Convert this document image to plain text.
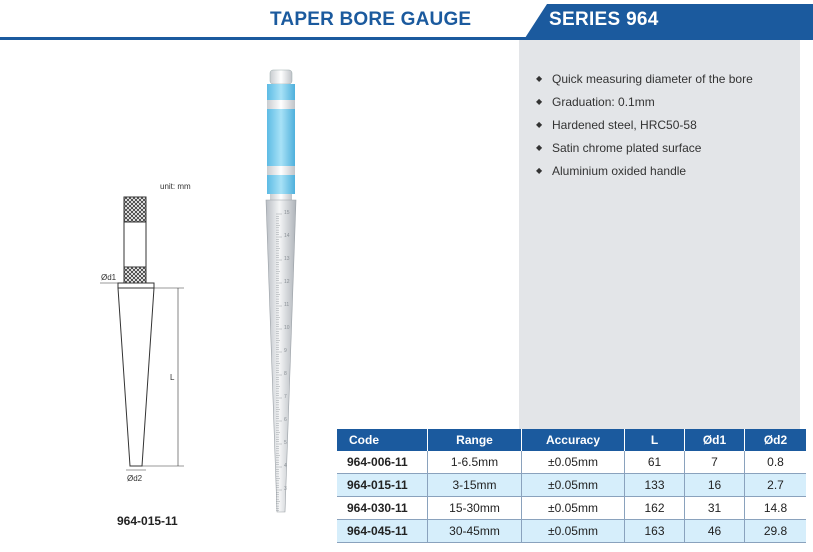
TAPER BORE GAUGE	SERIES 964
◆ Quick measuring diameter of the bore
◆ Graduation: 0.1mm
◆ Hardened steel, HRC50-58
◆ Satin chrome plated surface
◆ Aluminium oxided handle
15
14
13
12
11
10
9
8
7
6
5
4
3
unit: mm
Ød1
L
Ød2
964-015-11
Code	Range	Accuracy	L	Ød1	Ød2
964-006-11	1-6.5mm	±0.05mm	61	7	0.8
964-015-11	3-15mm	±0.05mm	133	16	2.7
964-030-11	15-30mm	±0.05mm	162	31	14.8
964-045-11	30-45mm	±0.05mm	163	46	29.8
